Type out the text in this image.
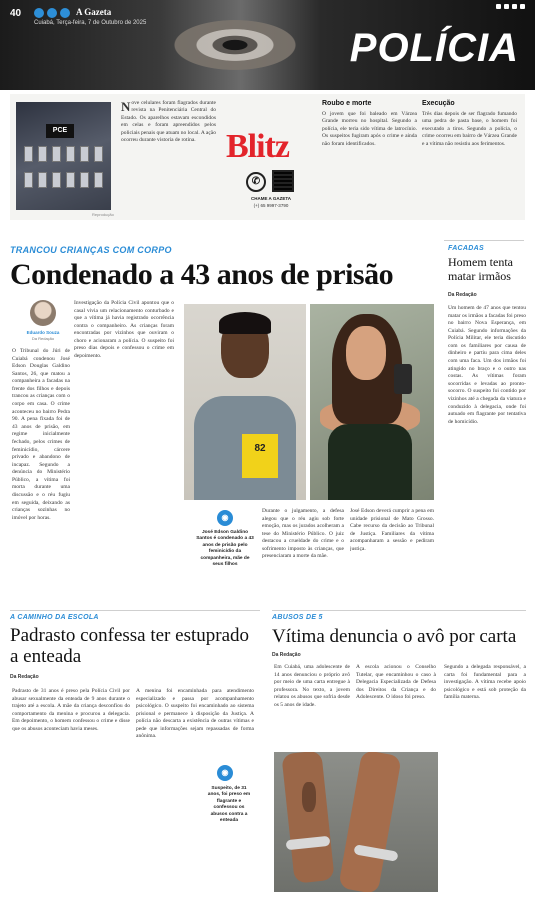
40	A Gazeta
Cuiabá, Terça-feira, 7 de Outubro de 2025
POLÍCIA
PCE
Reprodução

Nove celulares foram flagrados durante revista na Penitenciária Central do Estado. Os aparelhos estavam escondidos em celas e foram apreendidos pelos policiais penais que atuam no local. A ação ocorreu durante vistoria de rotina. Blitz
✆
CHAME A GAZETA
(+) 65 9997-3790
Roubo e morte

O jovem que foi baleado em Várzea Grande morreu no hospital. Segundo a polícia, ele teria sido vítima de latrocínio. Os suspeitos fugiram após o crime e ainda não foram identificados.

Execução

Três dias depois de ser flagrado fumando uma pedra de pasta base, o homem foi executado a tiros. Segundo a polícia, o crime ocorreu em bairro de Várzea Grande e a vítima não resistiu aos ferimentos.

TRANCOU CRIANÇAS COM CORPO
Condenado a 43 anos de prisão
Eduardo Souza
Da Redação

O Tribunal do Júri de Cuiabá condenou José Edson Douglas Galdino Santos, 26, que matou a companheira a facadas na frente dos filhos e depois trancou as crianças com o corpo em casa. O crime aconteceu no bairro Pedra 90. A pena fixada foi de 43 anos de prisão, em regime inicialmente fechado, pelos crimes de feminicídio, cárcere privado e abandono de incapaz. Segundo a denúncia do Ministério Público, a vítima foi morta durante uma discussão e o réu fugiu em seguida, deixando as crianças sozinhas no imóvel por horas.

Investigação da Polícia Civil apontou que o casal vivia um relacionamento conturbado e que a vítima já havia registrado ocorrência contra o companheiro. As crianças foram encontradas por vizinhos que ouviram o choro e acionaram a polícia. O suspeito foi preso dias depois e confessou o crime em depoimento.

82
◉

José Edson Galdino Santos é condenado a 43 anos de prisão pelo feminicídio da companheira, mãe de seus filhos

Durante o julgamento, a defesa alegou que o réu agiu sob forte emoção, mas os jurados acolheram a tese do Ministério Público. O juiz destacou a crueldade do crime e o sofrimento imposto às crianças, que presenciaram a morte da mãe.

José Edson deverá cumprir a pena em unidade prisional de Mato Grosso. Cabe recurso da decisão ao Tribunal de Justiça. Familiares da vítima acompanharam a sessão e pediram justiça.

FACADAS
Homem tenta matar irmãos
Da Redação

Um homem de 47 anos que tentou matar os irmãos a facadas foi preso no bairro Nova Esperança, em Cuiabá. Segundo informações da Polícia Militar, ele teria discutido com os familiares por causa de dinheiro e partiu para cima deles com uma faca. Um dos irmãos foi atingido no braço e o outro nas costas. As vítimas foram socorridas e levadas ao pronto-socorro. O suspeito foi contido por vizinhos até a chegada da viatura e conduzido à delegacia, onde foi autuado em flagrante por tentativa de homicídio.

A CAMINHO DA ESCOLA
Padrasto confessa ter estuprado a enteada
Da Redação

Padrasto de 31 anos é preso pela Polícia Civil por abusar sexualmente da enteada de 9 anos durante o trajeto até a escola. A mãe da criança desconfiou do comportamento da menina e procurou a delegacia. Em depoimento, o homem confessou o crime e disse que os abusos aconteciam havia meses.

A menina foi encaminhada para atendimento especializado e passa por acompanhamento psicológico. O suspeito foi encaminhado ao sistema prisional e permanece à disposição da Justiça. A polícia não descarta a existência de outras vítimas e pede que informações sejam repassadas de forma anônima.

◉

Suspeito, de 31 anos, foi preso em flagrante e confessou os abusos contra a enteada

ABUSOS DE 5
Vítima denuncia o avô por carta
Da Redação

Em Cuiabá, uma adolescente de 14 anos denunciou o próprio avô por meio de uma carta entregue à professora. No texto, a jovem relatou os abusos que sofria desde os 5 anos de idade.

A escola acionou o Conselho Tutelar, que encaminhou o caso à Delegacia Especializada de Defesa dos Direitos da Criança e do Adolescente. O idoso foi preso.

Segundo a delegada responsável, a carta foi fundamental para a investigação. A vítima recebe apoio psicológico e está sob proteção da família materna.
